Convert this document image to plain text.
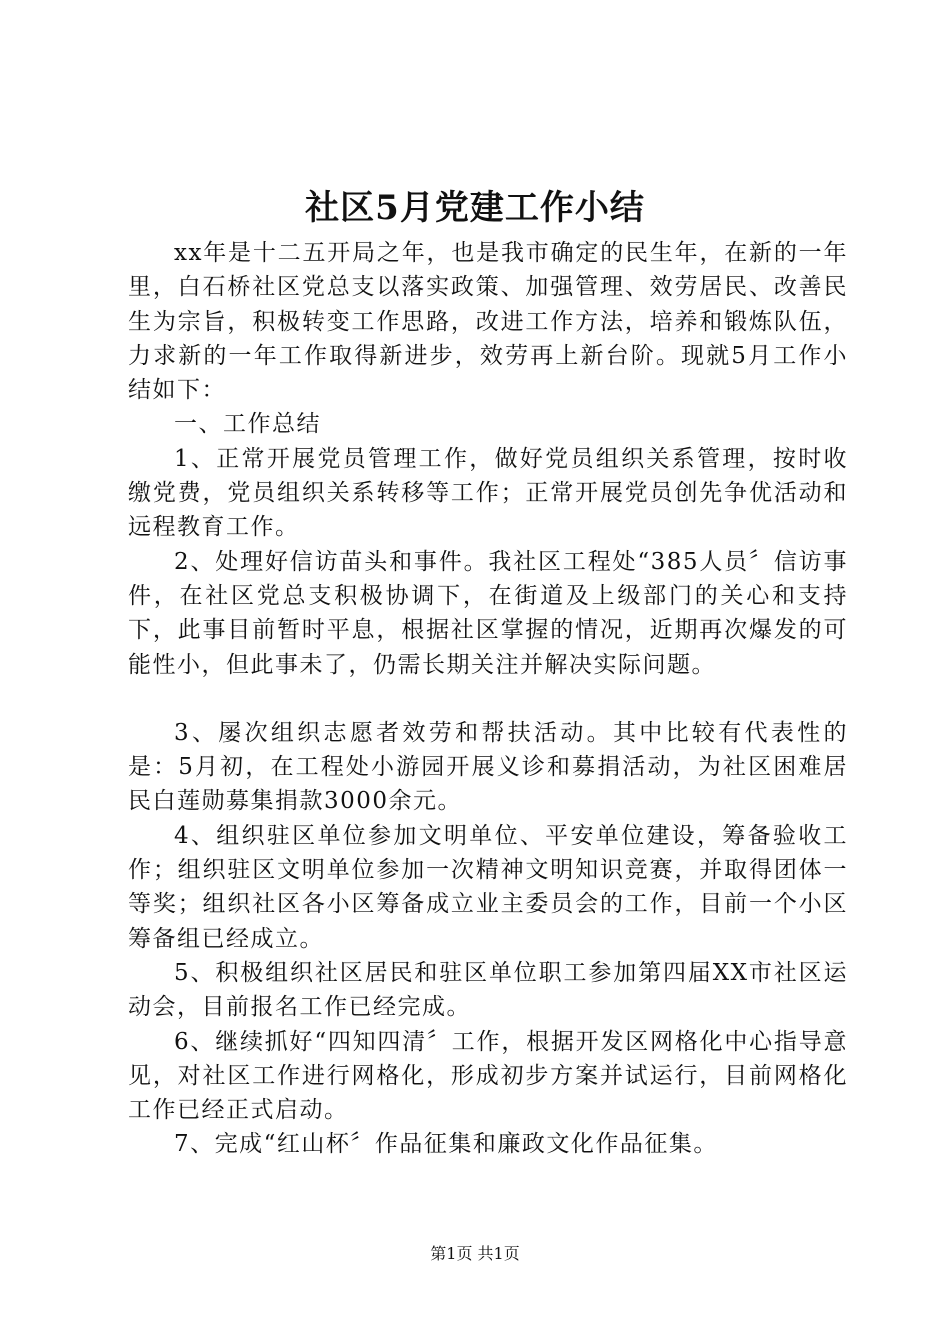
社区5月党建工作小结

xx年是十二五开局之年，也是我市确定的民生年，在新的一年里，白石桥社区党总支以落实政策、加强管理、效劳居民、改善民生为宗旨，积极转变工作思路，改进工作方法，培养和锻炼队伍，力求新的一年工作取得新进步，效劳再上新台阶。现就5月工作小结如下：

一、工作总结

1、正常开展党员管理工作，做好党员组织关系管理，按时收缴党费，党员组织关系转移等工作；正常开展党员创先争优活动和远程教育工作。

2、处理好信访苗头和事件。我社区工程处“385人员〞信访事件，在社区党总支积极协调下，在街道及上级部门的关心和支持下，此事目前暂时平息，根据社区掌握的情况，近期再次爆发的可能性小，但此事未了，仍需长期关注并解决实际问题。

3、屡次组织志愿者效劳和帮扶活动。其中比较有代表性的是：5月初，在工程处小游园开展义诊和募捐活动，为社区困难居民白莲勋募集捐款3000余元。

4、组织驻区单位参加文明单位、平安单位建设，筹备验收工作；组织驻区文明单位参加一次精神文明知识竞赛，并取得团体一等奖；组织社区各小区筹备成立业主委员会的工作，目前一个小区筹备组已经成立。

5、积极组织社区居民和驻区单位职工参加第四届XX市社区运动会，目前报名工作已经完成。

6、继续抓好“四知四清〞工作，根据开发区网格化中心指导意见，对社区工作进行网格化，形成初步方案并试运行，目前网格化工作已经正式启动。

7、完成“红山杯〞作品征集和廉政文化作品征集。

第1页 共1页
